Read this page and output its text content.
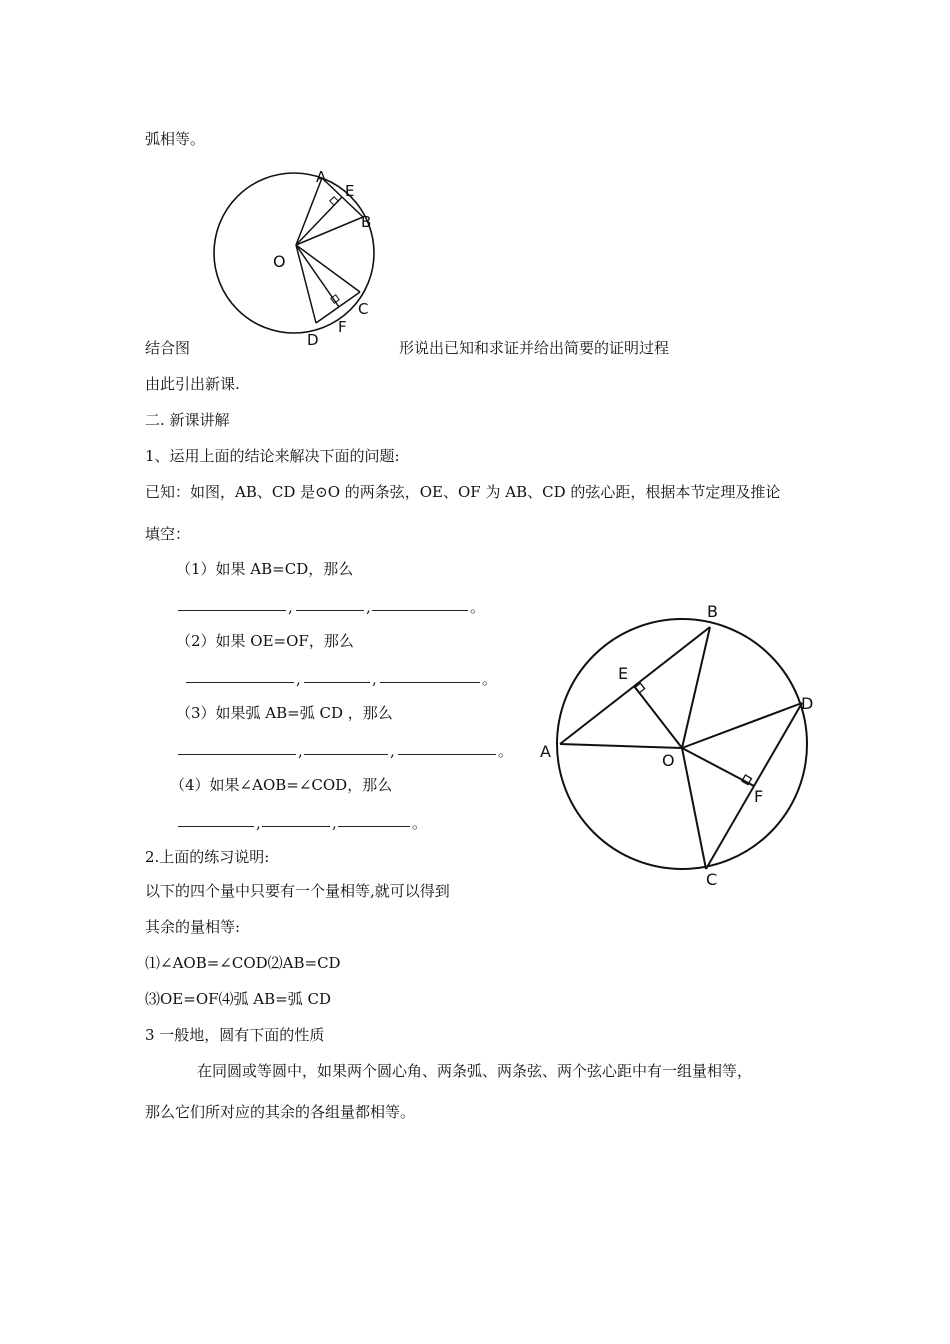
弧相等。
A
E
B
O
C
F
D
结合图	形说出已知和求证并给出简要的证明过程
由此引出新课.
二. 新课讲解
1、运用上面的结论来解决下面的问题:
已知：如图，AB、CD 是⊙O 的两条弦，OE、OF 为 AB、CD 的弦心距，根据本节定理及推论
填空：
（1）如果 AB=CD，那么
,	,	。
（2）如果 OE=OF，那么
,	,	。
（3）如果弧 AB=弧 CD ，那么
,	,	。
（4）如果∠AOB=∠COD，那么
,	,	。
2.上面的练习说明:
以下的四个量中只要有一个量相等,就可以得到
其余的量相等:
⑴∠AOB=∠COD⑵AB=CD
⑶OE=OF⑷弧 AB=弧 CD
3 一般地，圆有下面的性质
在同圆或等圆中，如果两个圆心角、两条弧、两条弦、两个弦心距中有一组量相等，
那么它们所对应的其余的各组量都相等。
B
E
D
A	O
F
C
